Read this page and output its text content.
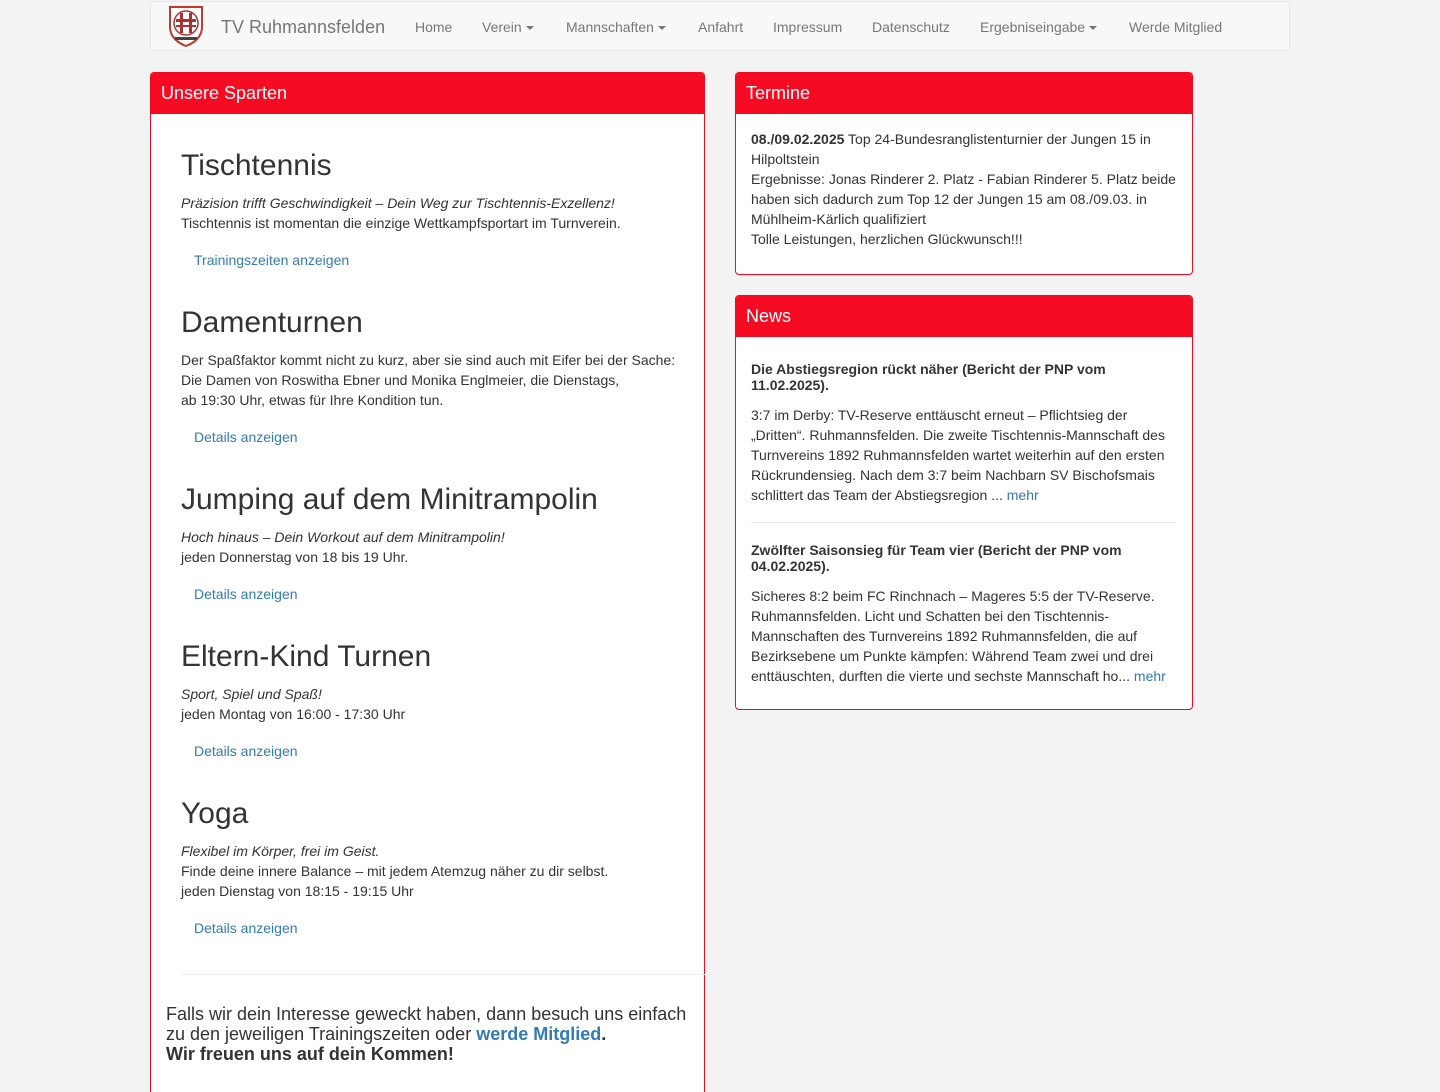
TV Ruhmannsfelden Home Verein	Mannschaften	Anfahrt Impressum Datenschutz Ergebniseingabe	Werde Mitglied
Unsere Sparten
Tischtennis
Präzision trifft Geschwindigkeit – Dein Weg zur Tischtennis-Exzellenz!
Tischtennis ist momentan die einzige Wettkampfsportart im Turnverein.
Trainingszeiten anzeigen
Damenturnen
Der Spaßfaktor kommt nicht zu kurz, aber sie sind auch mit Eifer bei der Sache:
Die Damen von Roswitha Ebner und Monika Englmeier, die Dienstags,
ab 19:30 Uhr, etwas für Ihre Kondition tun.
Details anzeigen
Jumping auf dem Minitrampolin
Hoch hinaus – Dein Workout auf dem Minitrampolin!
jeden Donnerstag von 18 bis 19 Uhr.
Details anzeigen
Eltern-Kind Turnen
Sport, Spiel und Spaß!
jeden Montag von 16:00 - 17:30 Uhr
Details anzeigen
Yoga
Flexibel im Körper, frei im Geist.
Finde deine innere Balance – mit jedem Atemzug näher zu dir selbst.
jeden Dienstag von 18:15 - 19:15 Uhr
Details anzeigen
Falls wir dein Interesse geweckt haben, dann besuch uns einfach zu den jeweiligen Trainingszeiten oder werde Mitglied.
Wir freuen uns auf dein Kommen!
Termine
08./09.02.2025 Top 24-Bundesranglistenturnier der Jungen 15 in Hilpoltstein
Ergebnisse: Jonas Rinderer 2. Platz - Fabian Rinderer 5. Platz beide haben sich dadurch zum Top 12 der Jungen 15 am 08./09.03. in Mühlheim-Kärlich qualifiziert
Tolle Leistungen, herzlichen Glückwunsch!!!
News
Die Abstiegsregion rückt näher (Bericht der PNP vom 11.02.2025).

3:7 im Derby: TV-Reserve enttäuscht erneut – Pflichtsieg der „Dritten“. Ruhmannsfelden. Die zweite Tischtennis-Mannschaft des Turnvereins 1892 Ruhmannsfelden wartet weiterhin auf den ersten Rückrundensieg. Nach dem 3:7 beim Nachbarn SV Bischofsmais schlittert das Team der Abstiegsregion ... mehr

Zwölfter Saisonsieg für Team vier (Bericht der PNP vom 04.02.2025).

Sicheres 8:2 beim FC Rinchnach – Mageres 5:5 der TV-Reserve. Ruhmannsfelden. Licht und Schatten bei den Tischtennis-Mannschaften des Turnvereins 1892 Ruhmannsfelden, die auf Bezirksebene um Punkte kämpfen: Während Team zwei und drei enttäuschten, durften die vierte und sechste Mannschaft ho... mehr
